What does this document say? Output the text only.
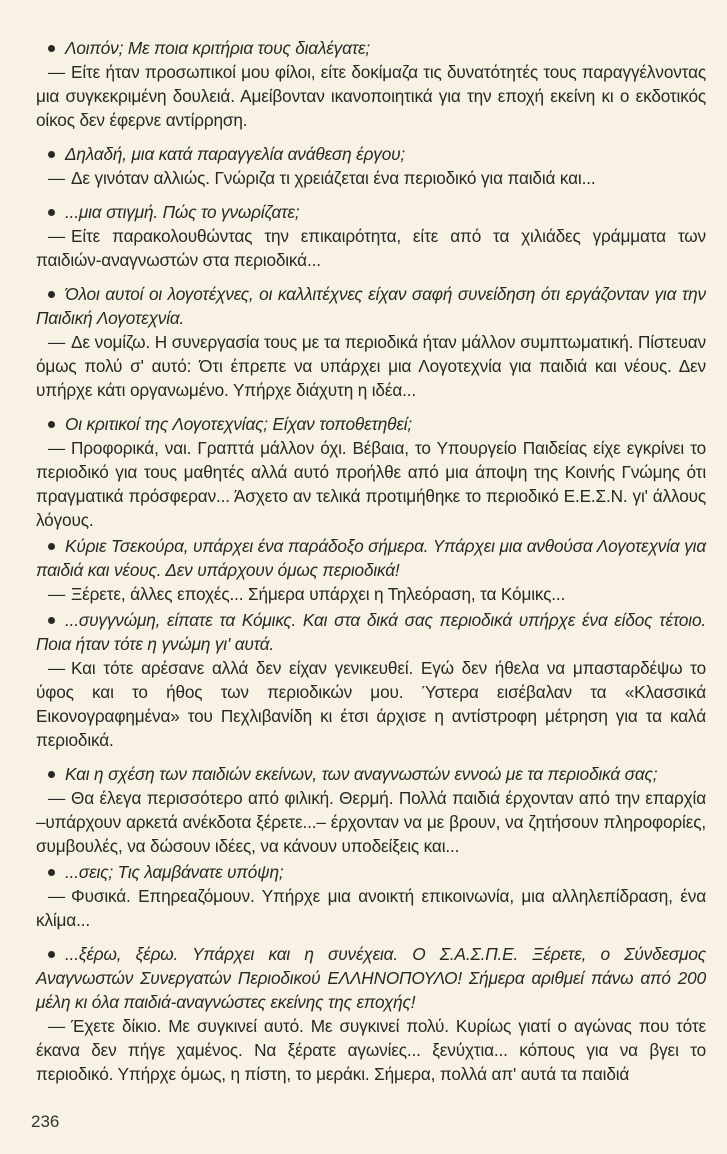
Λοιπόν; Με ποια κριτήρια τους διαλέγατε;

— Είτε ήταν προσωπικοί μου φίλοι, είτε δοκίμαζα τις δυνατότητές τους παραγγέλνοντας μια συγκεκριμένη δουλειά. Αμείβονταν ικανοποιητικά για την εποχή εκείνη κι ο εκδοτικός οίκος δεν έφερνε αντίρρηση.

Δηλαδή, μια κατά παραγγελία ανάθεση έργου;

— Δε γινόταν αλλιώς. Γνώριζα τι χρειάζεται ένα περιοδικό για παιδιά και...

...μια στιγμή. Πώς το γνωρίζατε;

— Είτε παρακολουθώντας την επικαιρότητα, είτε από τα χιλιάδες γράμματα των παιδιών-αναγνωστών στα περιοδικά...

Όλοι αυτοί οι λογοτέχνες, οι καλλιτέχνες είχαν σαφή συνείδηση ότι εργάζονταν για την Παιδική Λογοτεχνία.

— Δε νομίζω. Η συνεργασία τους με τα περιοδικά ήταν μάλλον συμπτωματική. Πίστευαν όμως πολύ σ' αυτό: Ότι έπρεπε να υπάρχει μια Λογοτεχνία για παιδιά και νέους. Δεν υπήρχε κάτι οργανωμένο. Υπήρχε διάχυτη η ιδέα...

Οι κριτικοί της Λογοτεχνίας; Είχαν τοποθετηθεί;

— Προφορικά, ναι. Γραπτά μάλλον όχι. Βέβαια, το Υπουργείο Παιδείας είχε εγκρίνει το περιοδικό για τους μαθητές αλλά αυτό προήλθε από μια άποψη της Κοινής Γνώμης ότι πραγματικά πρόσφεραν... Άσχετο αν τελικά προτιμήθηκε το περιοδικό Ε.Ε.Σ.Ν. γι' άλλους λόγους.

Κύριε Τσεκούρα, υπάρχει ένα παράδοξο σήμερα. Υπάρχει μια ανθούσα Λογοτεχνία για παιδιά και νέους. Δεν υπάρχουν όμως περιοδικά!

— Ξέρετε, άλλες εποχές... Σήμερα υπάρχει η Τηλεόραση, τα Κόμικς...

...συγγνώμη, είπατε τα Κόμικς. Και στα δικά σας περιοδικά υπήρχε ένα είδος τέτοιο. Ποια ήταν τότε η γνώμη γι' αυτά.

— Και τότε αρέσανε αλλά δεν είχαν γενικευθεί. Εγώ δεν ήθελα να μπασταρδέψω το ύφος και το ήθος των περιοδικών μου. Ύστερα εισέβαλαν τα «Κλασσικά Εικονογραφημένα» του Πεχλιβανίδη κι έτσι άρχισε η αντίστροφη μέτρηση για τα καλά περιοδικά.

Και η σχέση των παιδιών εκείνων, των αναγνωστών εννοώ με τα περιοδικά σας;

— Θα έλεγα περισσότερο από φιλική. Θερμή. Πολλά παιδιά έρχονταν από την επαρχία –υπάρχουν αρκετά ανέκδοτα ξέρετε...– έρχονταν να με βρουν, να ζητήσουν πληροφορίες, συμβουλές, να δώσουν ιδέες, να κάνουν υποδείξεις και...

...σεις; Τις λαμβάνατε υπόψη;

— Φυσικά. Επηρεαζόμουν. Υπήρχε μια ανοικτή επικοινωνία, μια αλληλεπίδραση, ένα κλίμα...

...ξέρω, ξέρω. Υπάρχει και η συνέχεια. Ο Σ.Α.Σ.Π.Ε. Ξέρετε, ο Σύνδεσμος Αναγνωστών Συνεργατών Περιοδικού ΕΛΛΗΝΟΠΟΥΛΟ! Σήμερα αριθμεί πάνω από 200 μέλη κι όλα παιδιά-αναγνώστες εκείνης της εποχής!

— Έχετε δίκιο. Με συγκινεί αυτό. Με συγκινεί πολύ. Κυρίως γιατί ο αγώνας που τότε έκανα δεν πήγε χαμένος. Να ξέρατε αγωνίες... ξενύχτια... κόπους για να βγει το περιοδικό. Υπήρχε όμως, η πίστη, το μεράκι. Σήμερα, πολλά απ' αυτά τα παιδιά

236
